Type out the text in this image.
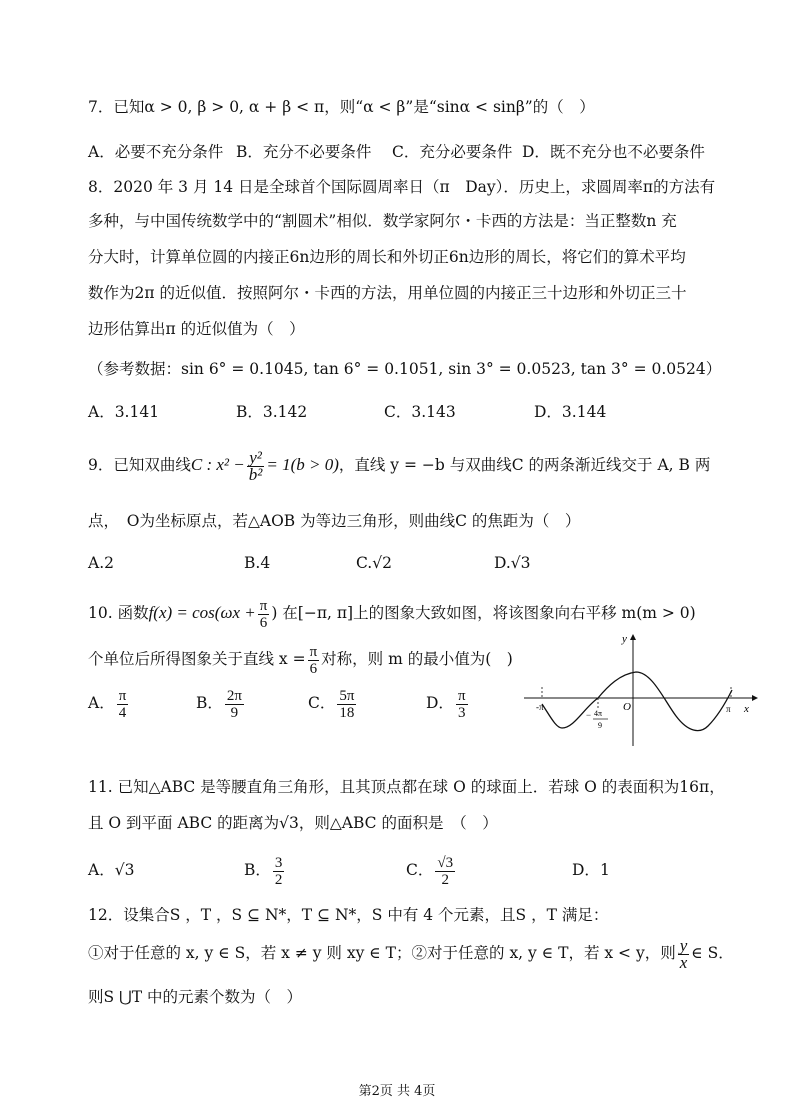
7．已知α > 0, β > 0, α + β < π，则“α < β”是“sinα < sinβ”的（　）
A．必要不充分条件 B．充分不必要条件 C．充分必要条件 D．既不充分也不必要条件
8．2020 年 3 月 14 日是全球首个国际圆周率日（π　Day）．历史上，求圆周率π的方法有
多种，与中国传统数学中的“割圆术”相似．数学家阿尔・卡西的方法是：当正整数n 充
分大时，计算单位圆的内接正6n边形的周长和外切正6n边形的周长，将它们的算术平均
数作为2π 的近似值．按照阿尔・卡西的方法，用单位圆的内接正三十边形和外切正三十
边形估算出π 的近似值为（　）
（参考数据：sin 6° = 0.1045, tan 6° = 0.1051, sin 3° = 0.0523, tan 3° = 0.0524）
A．3.141	B．3.142	C．3.143	D．3.144
9．已知双曲线C : $x^2 - \frac{\text{y²}}{\text{b²}} = 1(b > 0)$，直线 y = −b 与双曲线C 的两条渐近线交于 A, B 两
点，　O为坐标原点，若△AOB 为等边三角形，则曲线C 的焦距为（　）
A.2	B.4	C.√2	D.√3
10. 函数$f(x) = \cos(\omega x + \frac{\pi}{6}$ ) 在[−π, π]上的图象大致如图，将该图象向右平移 m(m > 0)
个单位后所得图象关于直线 $x = \frac{\pi}{6}$ 对称，则 m 的最小值为(　)
A． $\frac{\pi}{4}$	B． $\frac{2\pi}{9}$	C． $\frac{5\pi}{18}$	D． $\frac{\pi}{3}$
y
x
O
-π	π
− 4π
9
11. 已知△ABC 是等腰直角三角形，且其顶点都在球 O 的球面上．若球 O 的表面积为16π，
且 O 到平面 ABC 的距离为√3，则△ABC 的面积是　（　）
A．√3	B． $\frac{3}{2}$	C． $\frac{√3}{2}$	D．1
12．设集合S ，T ，S ⊆ N*，T ⊆ N*，S 中有 4 个元素，且S ，T 满足：
①对于任意的 x, y ∈ S，若 x ≠ y 则 xy ∈ T；②对于任意的 x, y ∈ T，若 x < y，则 $\frac{y}{x}$ ∈ S．
则S ⋃T 中的元素个数为（　）
第2页 共 4页
